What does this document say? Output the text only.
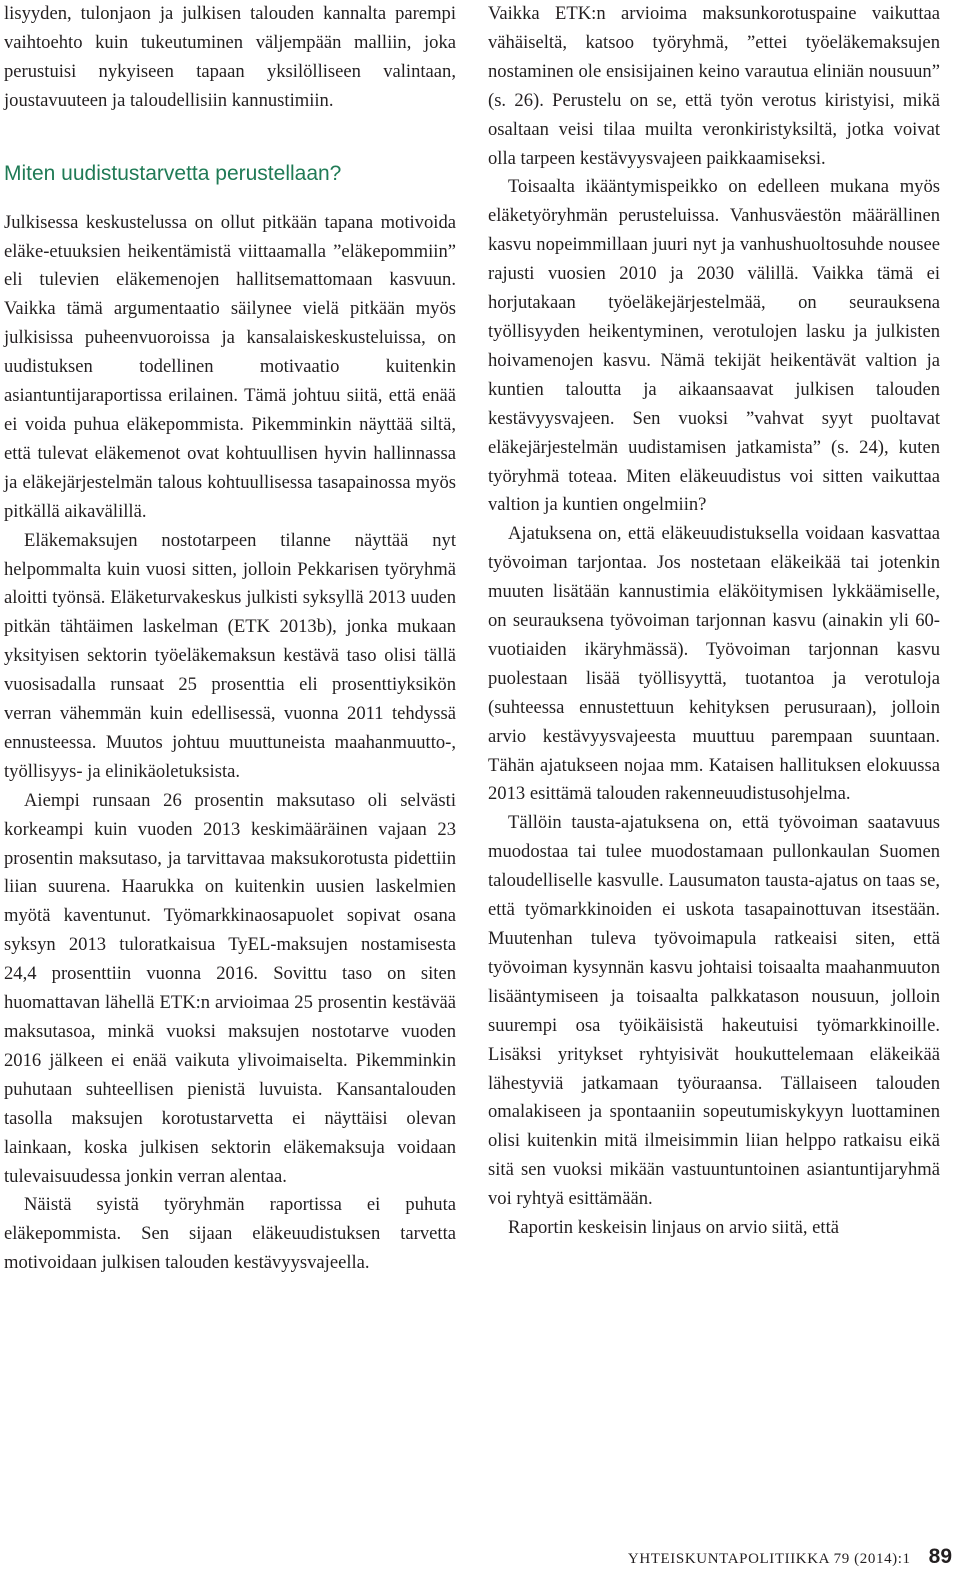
lisyyden, tulonjaon ja julkisen talouden kannalta parempi vaihtoehto kuin tukeutuminen väljempään malliin, joka perustuisi nykyiseen tapaan yksilölliseen valintaan, joustavuuteen ja taloudellisiin kannustimiin.

Miten uudistustarvetta perustellaan?

Julkisessa keskustelussa on ollut pitkään tapana motivoida eläke-etuuksien heikentämistä viittaamalla ”eläkepommiin” eli tulevien eläkemenojen hallitsemattomaan kasvuun. Vaikka tämä argumentaatio säilynee vielä pitkään myös julkisissa puheenvuoroissa ja kansalaiskeskusteluissa, on uudistuksen todellinen motivaatio kuitenkin asiantuntijaraportissa erilainen. Tämä johtuu siitä, että enää ei voida puhua eläkepommista. Pikemminkin näyttää siltä, että tulevat eläkemenot ovat kohtuullisen hyvin hallinnassa ja eläkejärjestelmän talous kohtuullisessa tasapainossa myös pitkällä aikavälillä.

Eläkemaksujen nostotarpeen tilanne näyttää nyt helpommalta kuin vuosi sitten, jolloin Pekkarisen työryhmä aloitti työnsä. Eläketurvakeskus julkisti syksyllä 2013 uuden pitkän tähtäimen laskelman (ETK 2013b), jonka mukaan yksityisen sektorin työeläkemaksun kestävä taso olisi tällä vuosisadalla runsaat 25 prosenttia eli prosenttiyksikön verran vähemmän kuin edellisessä, vuonna 2011 tehdyssä ennusteessa. Muutos johtuu muuttuneista maahanmuutto-, työllisyys- ja elinikäoletuksista.

Aiempi runsaan 26 prosentin maksutaso oli selvästi korkeampi kuin vuoden 2013 keskimääräinen vajaan 23 prosentin maksutaso, ja tarvittavaa maksukorotusta pidettiin liian suurena. Haarukka on kuitenkin uusien laskelmien myötä kaventunut. Työmarkkinaosapuolet sopivat osana syksyn 2013 tuloratkaisua TyEL-maksujen nostamisesta 24,4 prosenttiin vuonna 2016. Sovittu taso on siten huomattavan lähellä ETK:n arvioimaa 25 prosentin kestävää maksutasoa, minkä vuoksi maksujen nostotarve vuoden 2016 jälkeen ei enää vaikuta ylivoimaiselta. Pikemminkin puhutaan suhteellisen pienistä luvuista. Kansantalouden tasolla maksujen korotustarvetta ei näyttäisi olevan lainkaan, koska julkisen sektorin eläkemaksuja voidaan tulevaisuudessa jonkin verran alentaa.

Näistä syistä työryhmän raportissa ei puhuta eläkepommista. Sen sijaan eläkeuudistuksen tarvetta motivoidaan julkisen talouden kestävyysvajeella.

Vaikka ETK:n arvioima maksunkorotuspaine vaikuttaa vähäiseltä, katsoo työryhmä, ”ettei työeläkemaksujen nostaminen ole ensisijainen keino varautua eliniän nousuun” (s. 26). Perustelu on se, että työn verotus kiristyisi, mikä osaltaan veisi tilaa muilta veronkiristyksiltä, jotka voivat olla tarpeen kestävyysvajeen paikkaamiseksi.

Toisaalta ikääntymispeikko on edelleen mukana myös eläketyöryhmän perusteluissa. Vanhusväestön määrällinen kasvu nopeimmillaan juuri nyt ja vanhushuoltosuhde nousee rajusti vuosien 2010 ja 2030 välillä. Vaikka tämä ei horjutakaan työeläkejärjestelmää, on seurauksena työllisyyden heikentyminen, verotulojen lasku ja julkisten hoivamenojen kasvu. Nämä tekijät heikentävät valtion ja kuntien taloutta ja aikaansaavat julkisen talouden kestävyysvajeen. Sen vuoksi ”vahvat syyt puoltavat eläkejärjestelmän uudistamisen jatkamista” (s. 24), kuten työryhmä toteaa. Miten eläkeuudistus voi sitten vaikuttaa valtion ja kuntien ongelmiin?

Ajatuksena on, että eläkeuudistuksella voidaan kasvattaa työvoiman tarjontaa. Jos nostetaan eläkeikää tai jotenkin muuten lisätään kannustimia eläköitymisen lykkäämiselle, on seurauksena työvoiman tarjonnan kasvu (ainakin yli 60-vuotiaiden ikäryhmässä). Työvoiman tarjonnan kasvu puolestaan lisää työllisyyttä, tuotantoa ja verotuloja (suhteessa ennustettuun kehityksen perusuraan), jolloin arvio kestävyysvajeesta muuttuu parempaan suuntaan. Tähän ajatukseen nojaa mm. Kataisen hallituksen elokuussa 2013 esittämä talouden rakenneuudistusohjelma.

Tällöin tausta-ajatuksena on, että työvoiman saatavuus muodostaa tai tulee muodostamaan pullonkaulan Suomen taloudelliselle kasvulle. Lausumaton tausta-ajatus on taas se, että työmarkkinoiden ei uskota tasapainottuvan itsestään. Muutenhan tuleva työvoimapula ratkeaisi siten, että työvoiman kysynnän kasvu johtaisi toisaalta maahanmuuton lisääntymiseen ja toisaalta palkkatason nousuun, jolloin suurempi osa työikäisistä hakeutuisi työmarkkinoille. Lisäksi yritykset ryhtyisivät houkuttelemaan eläkeikää lähestyviä jatkamaan työuraansa. Tällaiseen talouden omalakiseen ja spontaaniin sopeutumiskykyyn luottaminen olisi kuitenkin mitä ilmeisimmin liian helppo ratkaisu eikä sitä sen vuoksi mikään vastuuntuntoinen asiantuntijaryhmä voi ryhtyä esittämään.

Raportin keskeisin linjaus on arvio siitä, että

YHTEISKUNTAPOLITIIKKA 79 (2014):1 89
